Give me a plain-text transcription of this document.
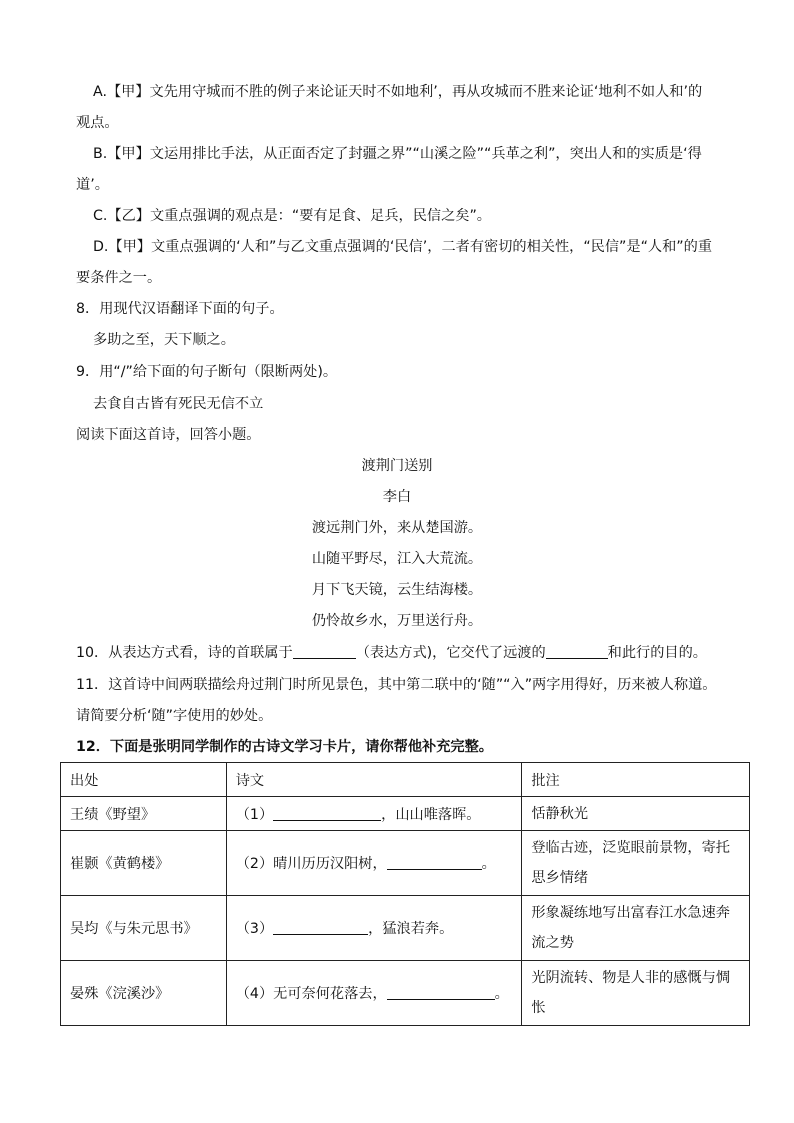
A.【甲】文先用守城而不胜的例子来论证天时不如地利’，再从攻城而不胜来论证‘地利不如人和’的
观点。
B.【甲】文运用排比手法，从正面否定了封疆之界”“山溪之险”“兵革之利”，突出人和的实质是‘得
道’。
C.【乙】文重点强调的观点是：“要有足食、足兵，民信之矣”。
D.【甲】文重点强调的‘人和”与乙文重点强调的‘民信’，二者有密切的相关性，“民信”是“人和”的重
要条件之一。
8．用现代汉语翻译下面的句子。
多助之至，天下顺之。
9．用“/”给下面的句子断句（限断两处)。
去食自古皆有死民无信不立
阅读下面这首诗，回答小题。
渡荆门送别
李白
渡远荆门外，来从楚国游。
山随平野尽，江入大荒流。
月下飞天镜，云生结海楼。
仍怜故乡水，万里送行舟。
10．从表达方式看，诗的首联属于	（表达方式)，它交代了远渡的	和此行的目的。
11．这首诗中间两联描绘舟过荆门时所见景色，其中第二联中的‘随”“入”两字用得好，历来被人称道。
请简要分析‘随”字使用的妙处。
12．下面是张明同学制作的古诗文学习卡片，请你帮他补充完整。
出处	诗文	批注
王绩《野望》	（1） ，山山唯落晖。	恬静秋光
崔颢《黄鹤楼》	（2）晴川历历汉阳树， 。	登临古迹，泛览眼前景物，寄托思乡情绪
吴均《与朱元思书》	（3） ，猛浪若奔。	形象凝练地写出富春江水急速奔流之势
晏殊《浣溪沙》	（4）无可奈何花落去， 。	光阴流转、物是人非的感慨与惆怅
